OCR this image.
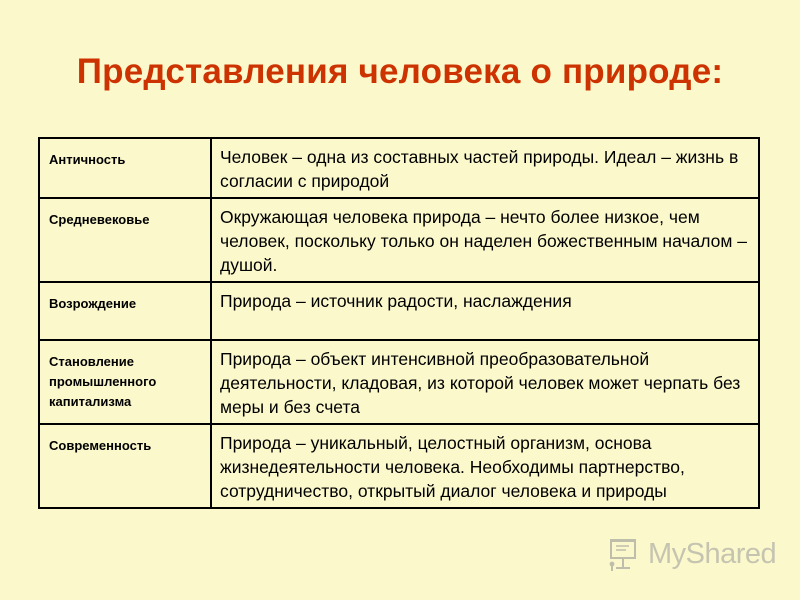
Представления человека о природе:
Античность	Человек – одна из составных частей природы. Идеал – жизнь в согласии с природой
Средневековье	Окружающая человека природа – нечто более низкое, чем человек, поскольку только он наделен божественным началом – душой.
Возрождение	Природа – источник радости, наслаждения
Становление промышленного капитализма	Природа – объект интенсивной преобразовательной деятельности, кладовая, из которой человек может черпать без меры и без счета
Современность	Природа – уникальный, целостный организм, основа жизнедеятельности человека. Необходимы партнерство, сотрудничество, открытый диалог человека и природы
MyShared
